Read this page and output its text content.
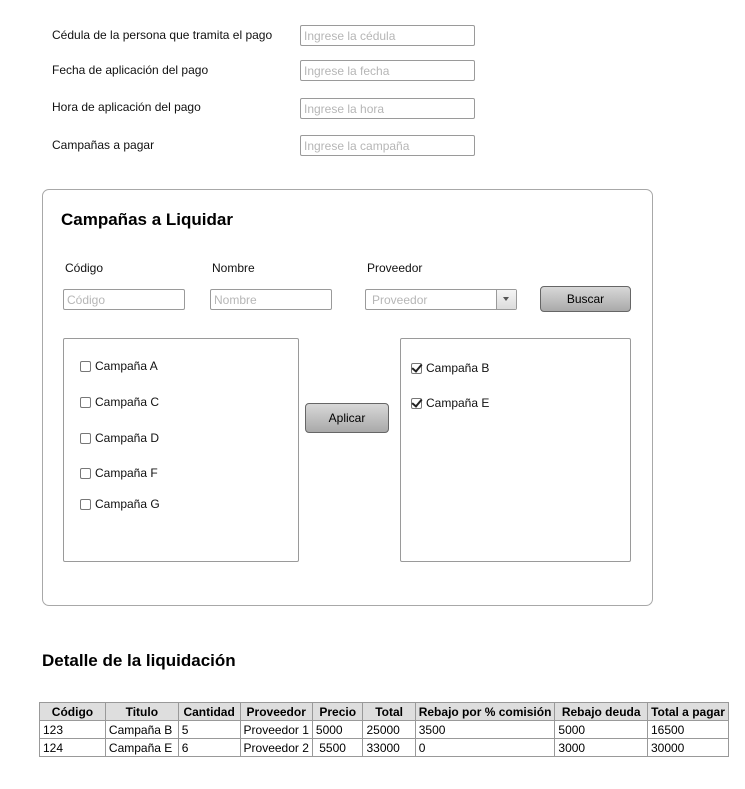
Cédula de la persona que tramita el pago
Ingrese la cédula
Fecha de aplicación del pago
Ingrese la fecha
Hora de aplicación del pago
Ingrese la hora
Campañas a pagar
Ingrese la campaña
Campañas a Liquidar
Código	Nombre	Proveedor
Código
Nombre
Proveedor	Buscar
Campaña A
Campaña C
Campaña D
Campaña F
Campaña G
Aplicar
Campaña B
Campaña E
Detalle de la liquidación
Código	Titulo	Cantidad	Proveedor	Precio	Total	Rebajo por % comisión	Rebajo deuda	Total a pagar
123	Campaña B	5	Proveedor 1	5000	25000	3500	5000	16500
124	Campaña E	6	Proveedor 2	5500	33000	0	3000	30000
